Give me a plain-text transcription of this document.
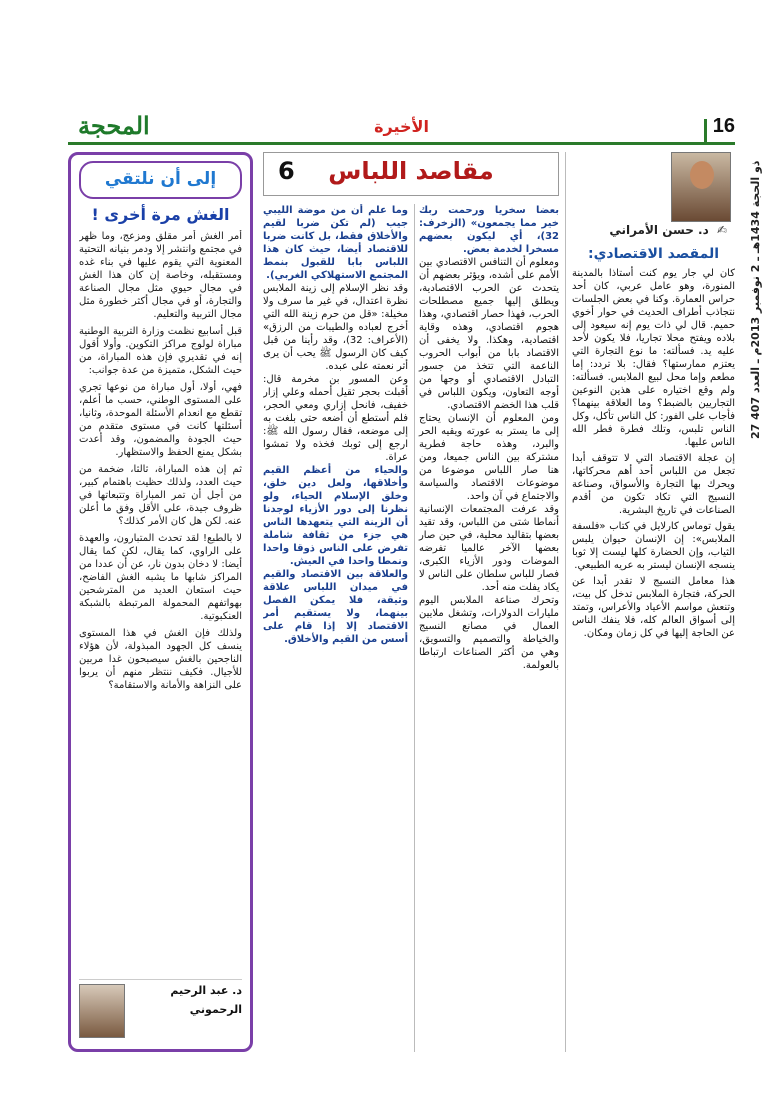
27 ذو الحجة 1434هـ ـ 2 نوفمبر 2013م ـ العدد 407
16
الأخيرة
المحجة
✍ د. حسن الأمراني
المقصد الاقتصادي:

كان لي جار يوم كنت أستاذا بالمدينة المنورة، وهو عامل عربي، كان أحد حراس العمارة. وكنا في بعض الجلسات نتجاذب أطراف الحديث في حوار أخوي حميم. قال لي ذات يوم إنه سيعود إلى بلاده ويفتح محلا تجاريا، فلا يكون لأحد عليه يد. فسألته: ما نوع التجارة التي يعتزم ممارستها؟ فقال: بلا تردد: إما مطعم وإما محل لبيع الملابس. فسألته: ولم وقع اختياره على هذين النوعين التجاريين بالضبط؟ وما العلاقة بينهما؟ فأجاب على الفور: كل الناس تأكل، وكل الناس تلبس، وتلك فطرة فطر الله الناس عليها.

إن عجلة الاقتصاد التي لا تتوقف أبدا تجعل من اللباس أحد أهم محركاتها، ويحرك بها التجارة والأسواق، وصناعة النسيج التي تكاد تكون من أقدم الصناعات في تاريخ البشرية.

يقول توماس كارلايل في كتاب «فلسفة الملابس»: إن الإنسان حيوان يلبس الثياب، وإن الحضارة كلها ليست إلا ثوبا ينسجه الإنسان ليستر به عريه الطبيعي.

هذا معامل النسيج لا تقدر أبدا عن الحركة، فتجارة الملابس تدخل كل بيت، وتنعش مواسم الأعياد والأعراس، وتمتد إلى أسواق العالم كله، فلا ينفك الناس عن الحاجة إليها في كل زمان ومكان.

مقاصد اللباس
6

بعضا سخريا ورحمت ربك خير مما يجمعون» (الزخرف: 32)، أي ليكون بعضهم مسخرا لخدمة بعض.

ومعلوم أن التنافس الاقتصادي بين الأمم على أشده، ويؤثر بعضهم أن يتحدث عن الحرب الاقتصادية، ويطلق إليها جميع مصطلحات الحرب، فهذا حصار اقتصادي، وهذا هجوم اقتصادي، وهذه وقاية اقتصادية، وهكذا. ولا يخفى أن الاقتصاد بابا من أبواب الحروب الناعمة التي تتخذ من جسور التبادل الاقتصادي أو وجها من أوجه التعاون، ويكون اللباس في قلب هذا الخضم الاقتصادي.

ومن المعلوم أن الإنسان يحتاج إلى ما يستر به عورته ويقيه الحر والبرد، وهذه حاجة فطرية مشتركة بين الناس جميعا، ومن هنا صار اللباس موضوعا من موضوعات الاقتصاد والسياسة والاجتماع في آن واحد.

وقد عرفت المجتمعات الإنسانية أنماطا شتى من اللباس، وقد تقيد بعضها بتقاليد محلية، في حين صار بعضها الآخر عالميا تفرضه الموضات ودور الأزياء الكبرى، فصار للباس سلطان على الناس لا يكاد يفلت منه أحد.

وتحرك صناعة الملابس اليوم مليارات الدولارات، وتشغل ملايين العمال في مصانع النسيج والخياطة والتصميم والتسويق، وهي من أكثر الصناعات ارتباطا بالعولمة.

وما علم أن من موضة الليبي جيب (لم تكن ضربا لقيم والأخلاق فقط، بل كانت ضربا للاقتصاد أيضا، حيث كان هذا اللباس بابا للقبول بنمط المجتمع الاستهلاكي الغربي).

وقد نظر الإسلام إلى زينة الملابس نظرة اعتدال، في غير ما سرف ولا مخيلة: «قل من حرم زينة الله التي أخرج لعباده والطيبات من الرزق» (الأعراف: 32)، وقد رأينا من قبل كيف كان الرسول ﷺ يحب أن يرى أثر نعمته على عبده.

وعن المسور بن مخرمة قال: أقبلت بحجر ثقيل أحمله وعلي إزار خفيف، فانحل إزاري ومعي الحجر، فلم أستطع أن أضعه حتى بلغت به إلى موضعه، فقال رسول الله ﷺ: ارجع إلى ثوبك فخذه ولا تمشوا عراة.

والحياء من أعظم القيم وأخلاقها، ولعل دين خلق، وخلق الإسلام الحياء، ولو نظرنا إلى دور الأزياء لوجدنا أن الزينة التي يتعهدها الناس هي جزء من ثقافة شاملة تفرض على الناس ذوقا واحدا ونمطا واحدا في العيش.

والعلاقة بين الاقتصاد والقيم في ميدان اللباس علاقة وثيقة، فلا يمكن الفصل بينهما، ولا يستقيم أمر الاقتصاد إلا إذا قام على أسس من القيم والأخلاق.

إلى أن نلتقي
الغش مرة أخرى !

أمر الغش أمر مقلق ومزعج، وما ظهر في مجتمع وانتشر إلا ودمر بنيانه التحتية المعنوية التي يقوم عليها في بناء غده ومستقبله، وخاصة إن كان هذا الغش في مجال حيوي مثل مجال الصناعة والتجارة، أو في مجال أكثر خطورة مثل مجال التربية والتعليم.

قبل أسابيع نظمت وزارة التربية الوطنية مباراة لولوج مراكز التكوين. وأولا أقول إنه في تقديري فإن هذه المباراة، من حيث الشكل، متميزة من عدة جوانب:

فهي، أولا، أول مباراة من نوعها تجري على المستوى الوطني، حسب ما أعلم، تقطع مع انعدام الأسئلة الموحدة، وثانيا، أسئلتها كانت في مستوى متقدم من حيث الجودة والمضمون، وقد أعدت بشكل يمنع الحفظ والاستظهار.

ثم إن هذه المباراة، ثالثا، ضخمة من حيث العدد، ولذلك حظيت باهتمام كبير، من أجل أن تمر المباراة وتتبعاتها في ظروف جيدة، على الأقل وفق ما أعلن عنه. لكن هل كان الأمر كذلك؟

لا بالطبع! لقد تحدث المتبارون، والعهدة على الراوي، كما يقال، لكن كما يقال أيضا: لا دخان بدون نار، عن أن عددا من المراكز شابها ما يشبه الغش الفاضح، حيث استعان العديد من المترشحين بهواتفهم المحمولة المرتبطة بالشبكة العنكبوتية.

ولذلك فإن الغش في هذا المستوى ينسف كل الجهود المبذولة، لأن هؤلاء الناجحين بالغش سيصبحون غدا مربين للأجيال. فكيف ننتظر منهم أن يربوا على النزاهة والأمانة والاستقامة؟

د. عبد الرحيم
الرحموني
